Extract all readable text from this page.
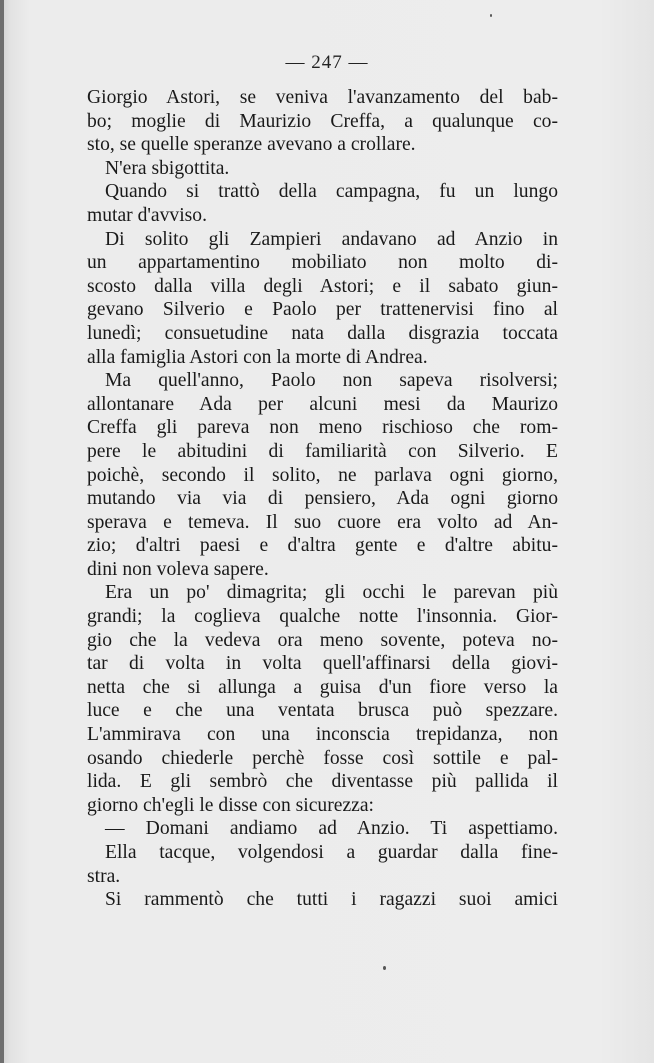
— 247 —
Giorgio Astori, se veniva l'avanzamento del bab-
bo; moglie di Maurizio Creffa, a qualunque co-
sto, se quelle speranze avevano a crollare.
N'era sbigottita.
Quando si trattò della campagna, fu un lungo
mutar d'avviso.
Di solito gli Zampieri andavano ad Anzio in
un appartamentino mobiliato non molto di-
scosto dalla villa degli Astori; e il sabato giun-
gevano Silverio e Paolo per trattenervisi fino al
lunedì; consuetudine nata dalla disgrazia toccata
alla famiglia Astori con la morte di Andrea.
Ma quell'anno, Paolo non sapeva risolversi;
allontanare Ada per alcuni mesi da Maurizo
Creffa gli pareva non meno rischioso che rom-
pere le abitudini di familiarità con Silverio. E
poichè, secondo il solito, ne parlava ogni giorno,
mutando via via di pensiero, Ada ogni giorno
sperava e temeva. Il suo cuore era volto ad An-
zio; d'altri paesi e d'altra gente e d'altre abitu-
dini non voleva sapere.
Era un po' dimagrita; gli occhi le parevan più
grandi; la coglieva qualche notte l'insonnia. Gior-
gio che la vedeva ora meno sovente, poteva no-
tar di volta in volta quell'affinarsi della giovi-
netta che si allunga a guisa d'un fiore verso la
luce e che una ventata brusca può spezzare.
L'ammirava con una inconscia trepidanza, non
osando chiederle perchè fosse così sottile e pal-
lida. E gli sembrò che diventasse più pallida il
giorno ch'egli le disse con sicurezza:
— Domani andiamo ad Anzio. Ti aspettiamo.
Ella tacque, volgendosi a guardar dalla fine-
stra.
Si rammentò che tutti i ragazzi suoi amici
